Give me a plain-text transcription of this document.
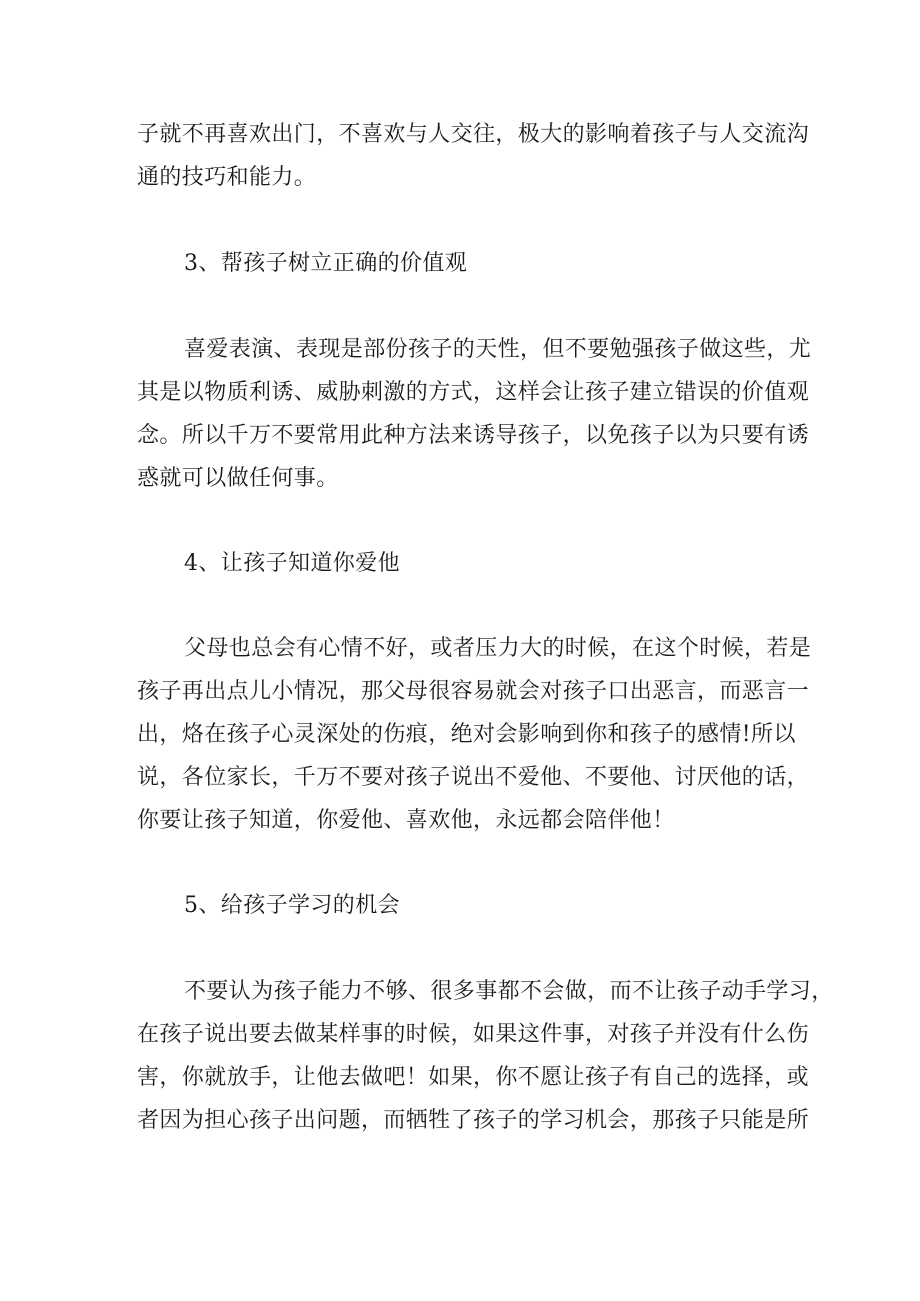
子就不再喜欢出门，不喜欢与人交往，极大的影响着孩子与人交流沟
通的技巧和能力。
3、帮孩子树立正确的价值观
喜爱表演、表现是部份孩子的天性，但不要勉强孩子做这些，尤
其是以物质利诱、威胁刺激的方式，这样会让孩子建立错误的价值观
念。所以千万不要常用此种方法来诱导孩子，以免孩子以为只要有诱
惑就可以做任何事。
4、让孩子知道你爱他
父母也总会有心情不好，或者压力大的时候，在这个时候，若是
孩子再出点儿小情况，那父母很容易就会对孩子口出恶言，而恶言一
出，烙在孩子心灵深处的伤痕，绝对会影响到你和孩子的感情!所以
说，各位家长，千万不要对孩子说出不爱他、不要他、讨厌他的话，
你要让孩子知道，你爱他、喜欢他，永远都会陪伴他！
5、给孩子学习的机会
不要认为孩子能力不够、很多事都不会做，而不让孩子动手学习，
在孩子说出要去做某样事的时候，如果这件事，对孩子并没有什么伤
害，你就放手，让他去做吧！如果，你不愿让孩子有自己的选择，或
者因为担心孩子出问题，而牺牲了孩子的学习机会，那孩子只能是所
